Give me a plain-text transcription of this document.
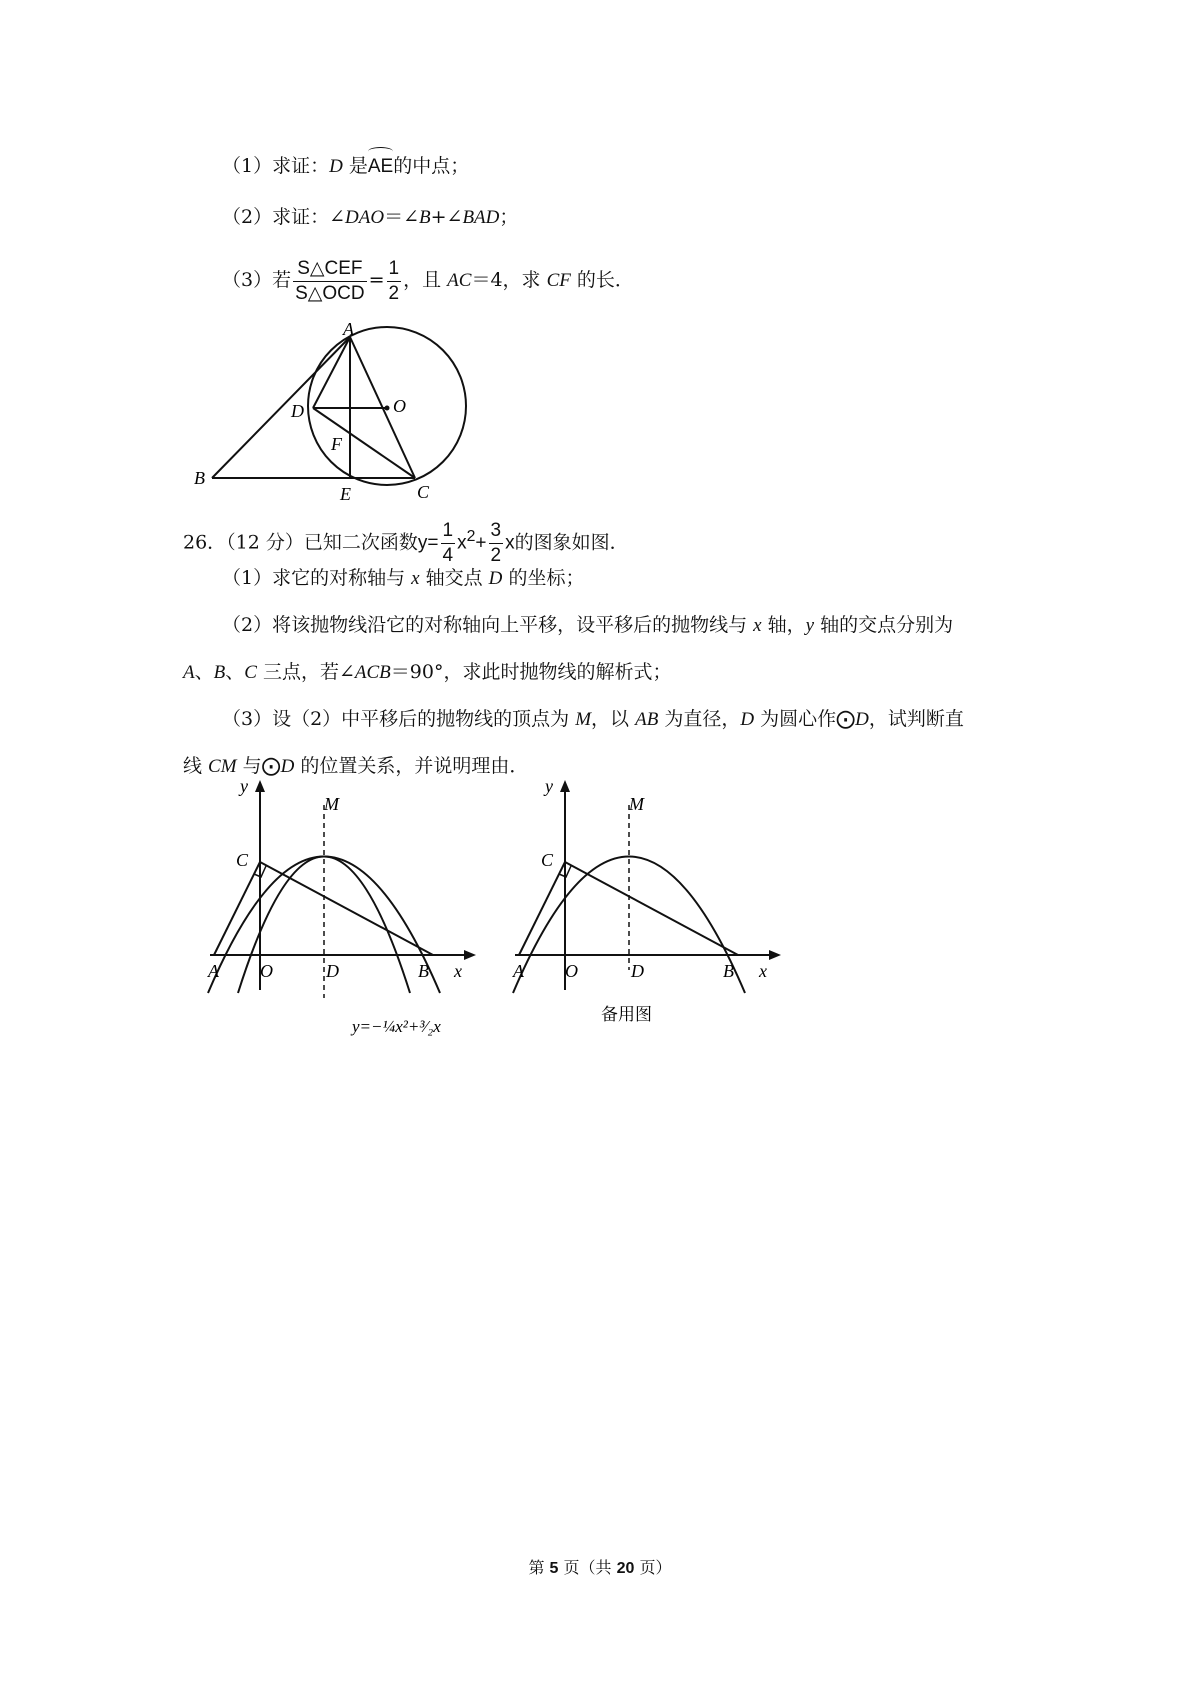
（1）求证：D 是AE的中点；
（2）求证：∠DAO＝∠B+∠BAD；
（3）若 $\frac{\text{S△CEF}}{\text{S△OCD}} = \frac{1}{2}$ ，且 AC＝4，求 CF 的长．
A
O
D
F
B
E	C
26．（12 分）已知二次函数$y= \frac{1}{4} x^2+ \frac{3}{2}$ x的图象如图．
（1）求它的对称轴与 x 轴交点 D 的坐标；
（2）将该抛物线沿它的对称轴向上平移，设平移后的抛物线与 x 轴，y 轴的交点分别为
A、B、C 三点，若∠ACB＝90°，求此时抛物线的解析式；
（3）设（2）中平移后的抛物线的顶点为 M，以 AB 为直径，D 为圆心作⨀D，试判断直
线 CM 与⨀D 的位置关系，并说明理由．
y
M
C
A O	D	B x
y=−¼x²+³⁄₂x
y
M
C
A O	D	B x
备用图
第 5 页（共 20 页）
